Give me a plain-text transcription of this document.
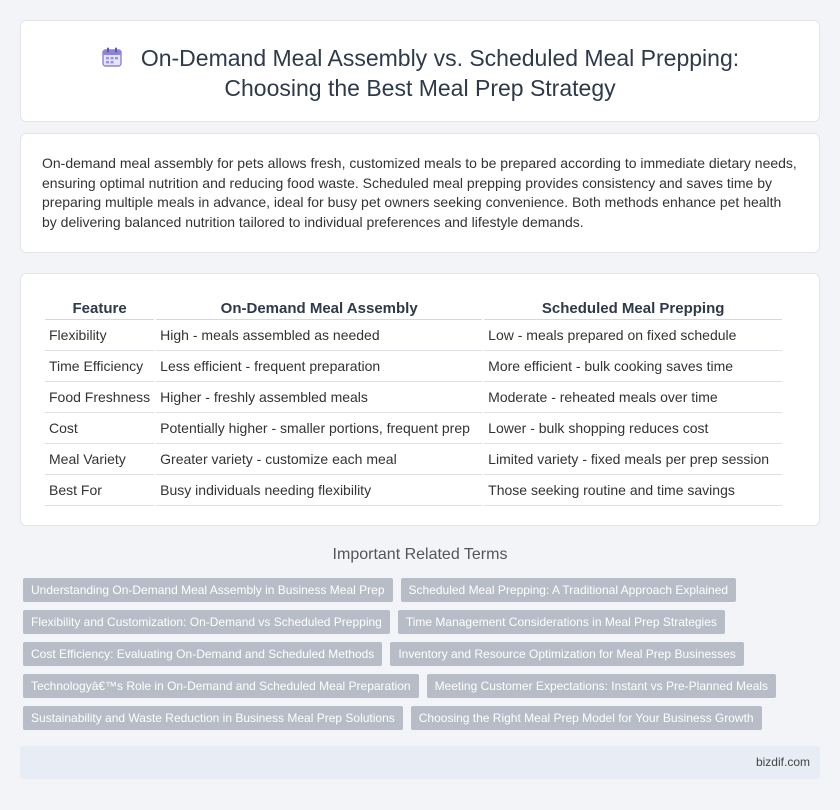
On-Demand Meal Assembly vs. Scheduled Meal Prepping:
Choosing the Best Meal Prep Strategy

On-demand meal assembly for pets allows fresh, customized meals to be prepared according to immediate dietary needs, ensuring optimal nutrition and reducing food waste. Scheduled meal prepping provides consistency and saves time by preparing multiple meals in advance, ideal for busy pet owners seeking convenience. Both methods enhance pet health by delivering balanced nutrition tailored to individual preferences and lifestyle demands.

Feature	On-Demand Meal Assembly	Scheduled Meal Prepping
Flexibility	High - meals assembled as needed	Low - meals prepared on fixed schedule
Time Efficiency	Less efficient - frequent preparation	More efficient - bulk cooking saves time
Food Freshness	Higher - freshly assembled meals	Moderate - reheated meals over time
Cost	Potentially higher - smaller portions, frequent prep	Lower - bulk shopping reduces cost
Meal Variety	Greater variety - customize each meal	Limited variety - fixed meals per prep session
Best For	Busy individuals needing flexibility	Those seeking routine and time savings
Important Related Terms
Understanding On-Demand Meal Assembly in Business Meal Prep	Scheduled Meal Prepping: A Traditional Approach Explained
Flexibility and Customization: On-Demand vs Scheduled Prepping	Time Management Considerations in Meal Prep Strategies
Cost Efficiency: Evaluating On-Demand and Scheduled Methods	Inventory and Resource Optimization for Meal Prep Businesses
Technologyâ€™s Role in On-Demand and Scheduled Meal Preparation	Meeting Customer Expectations: Instant vs Pre-Planned Meals
Sustainability and Waste Reduction in Business Meal Prep Solutions	Choosing the Right Meal Prep Model for Your Business Growth
bizdif.com
